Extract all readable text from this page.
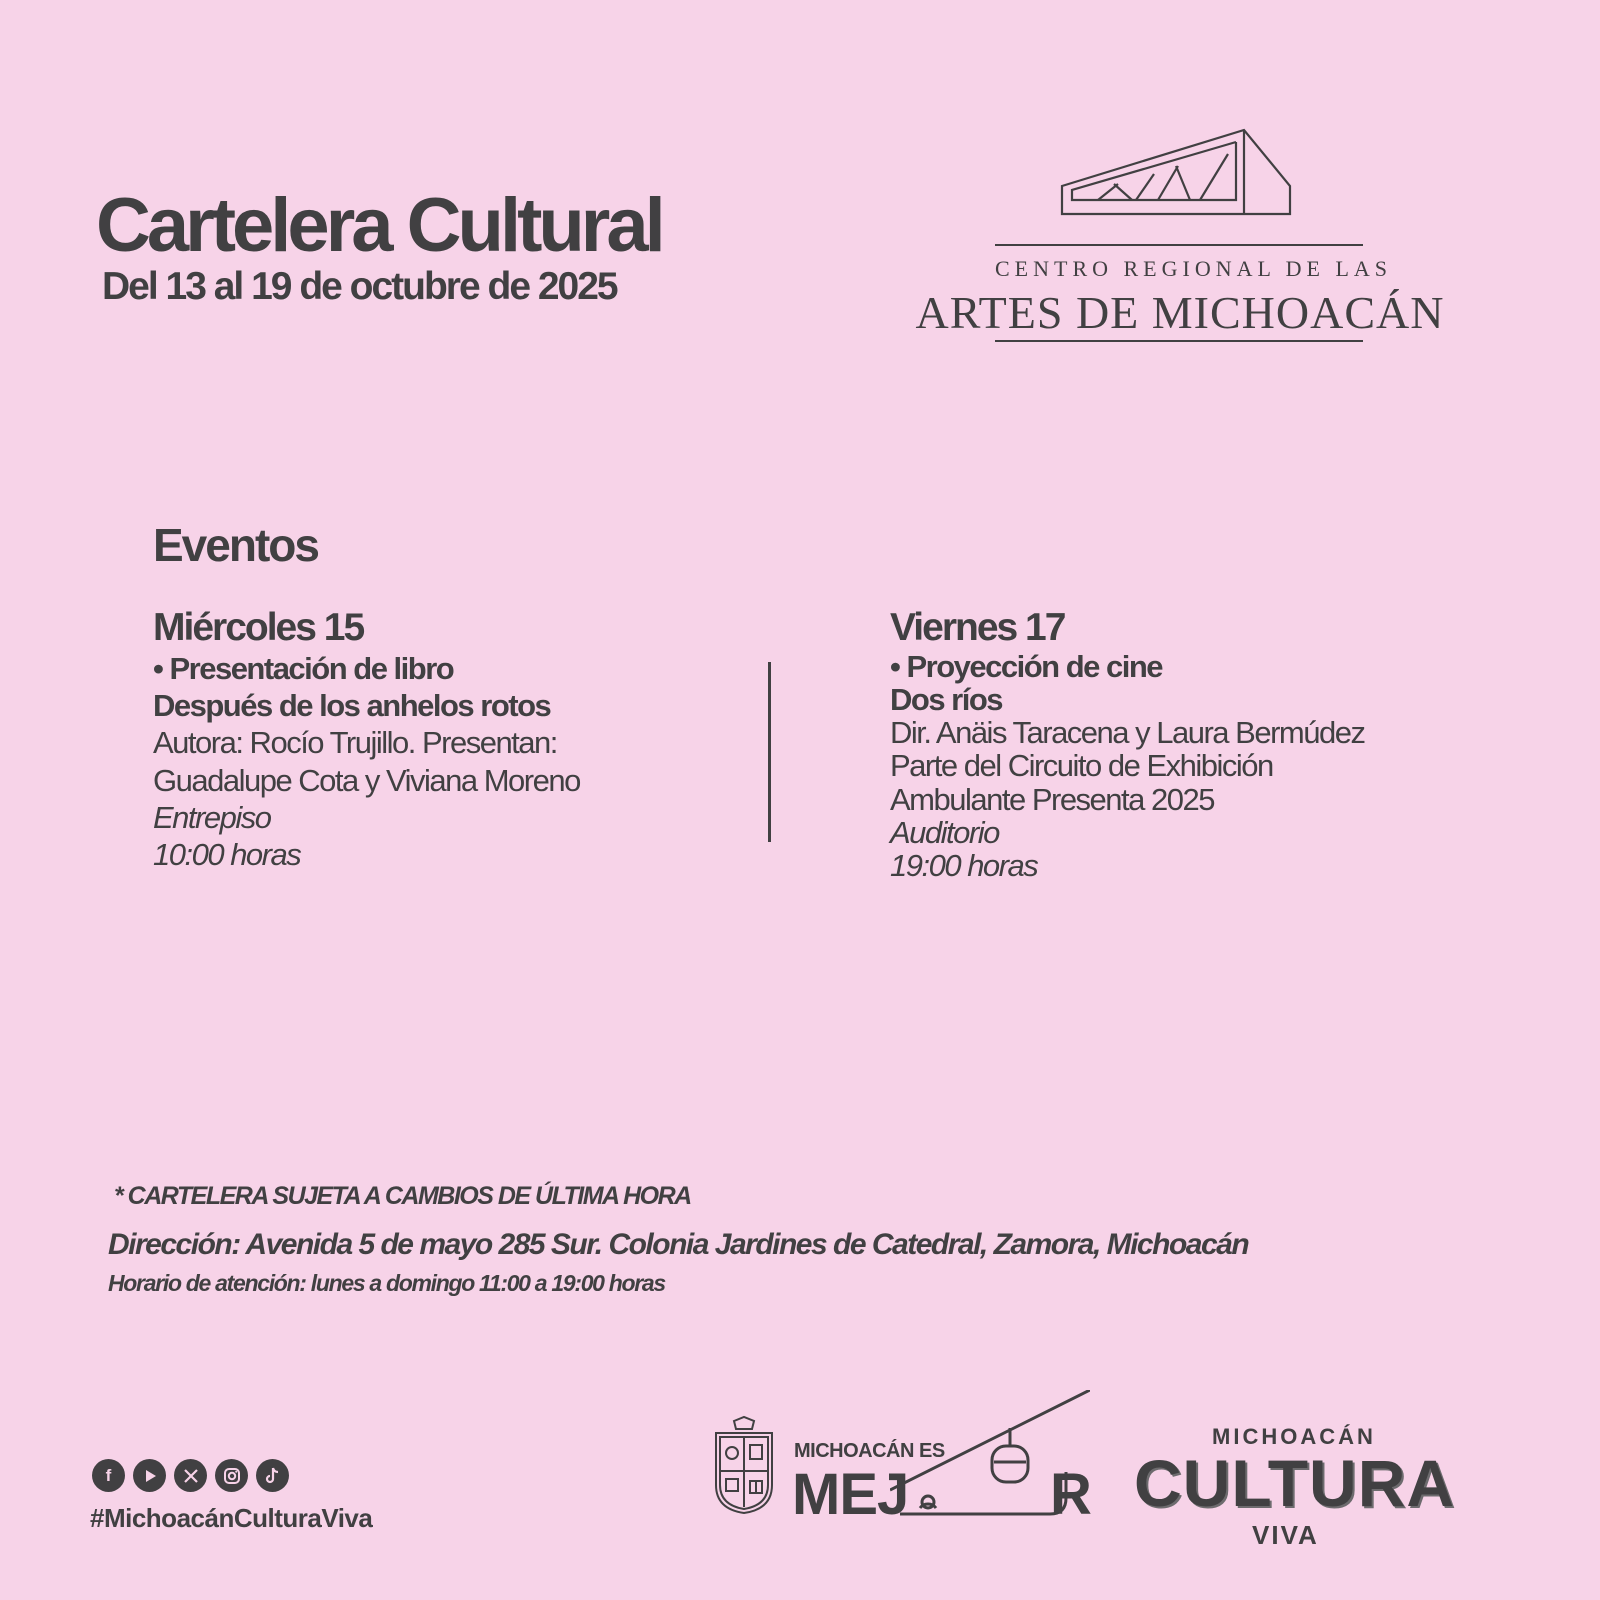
Cartelera Cultural
Del 13 al 19 de octubre de 2025	CENTRO REGIONAL DE LAS
ARTES DE MICHOACÁN
Eventos
Miércoles 15
• Presentación de libro
Después de los anhelos rotos
Autora: Rocío Trujillo. Presentan:
Guadalupe Cota y Viviana Moreno
Entrepiso
10:00 horas
Viernes 17
• Proyección de cine
Dos ríos
Dir. Anäis Taracena y Laura Bermúdez
Parte del Circuito de Exhibición
Ambulante Presenta 2025
Auditorio
19:00 horas
* CARTELERA SUJETA A CAMBIOS DE ÚLTIMA HORA
Dirección: Avenida 5 de mayo 285 Sur. Colonia Jardines de Catedral, Zamora, Michoacán
Horario de atención: lunes a domingo 11:00 a 19:00 horas
f
#MichoacánCulturaViva
MICHOACÁN ES
MEJ R
MICHOACÁN
CULTURA
VIVA
